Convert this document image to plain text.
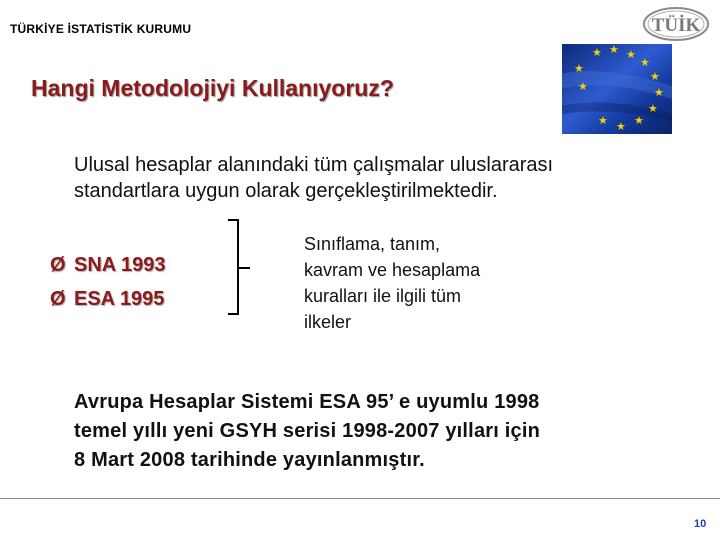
TÜRKİYE İSTATİSTİK KURUMU	TÜİK
Hangi Metodolojiyi Kullanıyoruz?
★ ★ ★
★
★
★
★
★
★
★
★
★
Ulusal hesaplar alanındaki tüm çalışmalar uluslararası
standartlara uygun olarak gerçekleştirilmektedir.
Ø SNA 1993
Ø ESA 1995
Sınıflama, tanım,
kavram ve hesaplama
kuralları ile ilgili tüm
ilkeler
Avrupa Hesaplar Sistemi ESA 95’ e uyumlu 1998
temel yıllı yeni GSYH serisi 1998-2007 yılları için
8 Mart 2008 tarihinde yayınlanmıştır.
10
